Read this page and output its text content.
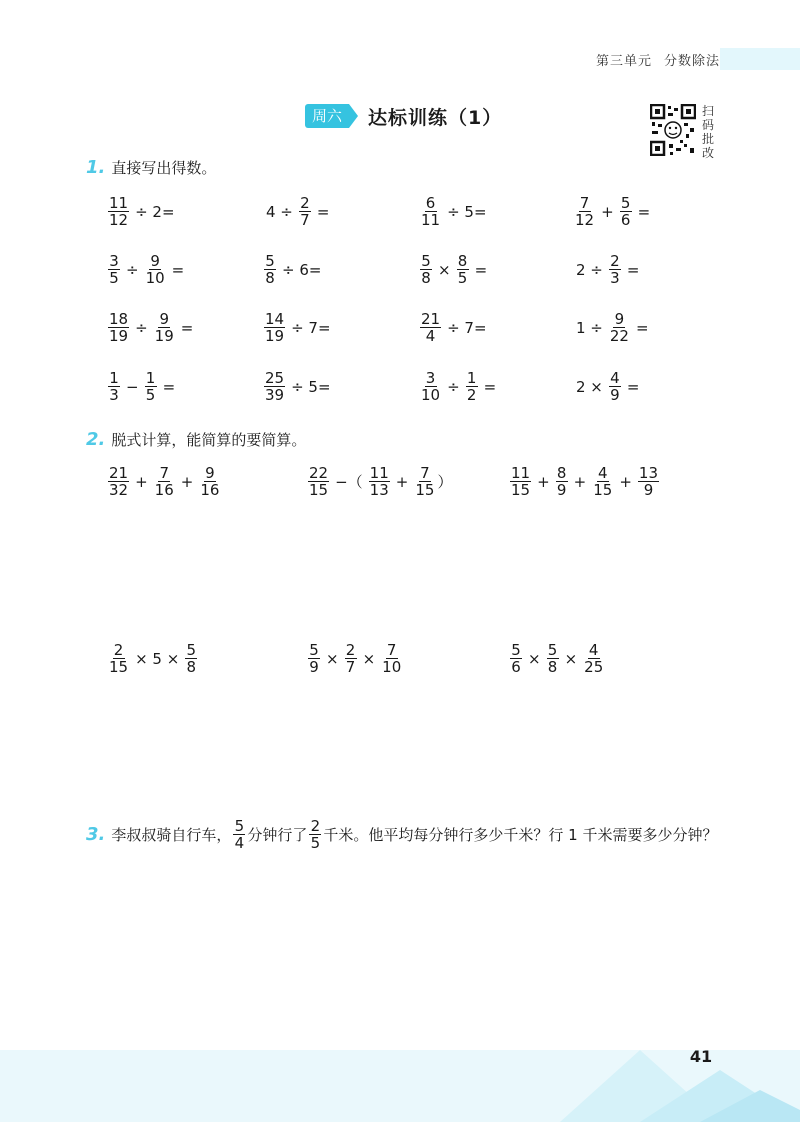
第三单元 分数除法
周六	达标训练（1）	扫
码
批
改
1. 直接写出得数。
$\frac{11}{12} \div 2=$	$4 \div \frac{2}{7}$ =	$\frac{6}{11} \div 5=$	$\frac{7}{12} + \frac{5}{6}$ =
$\frac{3}{5} \div \frac{9}{10}$ =	$\frac{5}{8} \div 6=$	$\frac{5}{8} \times \frac{8}{5}$ =	$2 \div \frac{2}{3}$ =
$\frac{18}{19} \div \frac{9}{19}$ =	$\frac{14}{19} \div 7=$	$\frac{21}{4} \div 7=$	$1 \div \frac{9}{22}$ =
$\frac{1}{3} - \frac{1}{5}$ =	$\frac{25}{39} \div 5=$	$\frac{3}{10} \div \frac{1}{2}$ =	$2 \times \frac{4}{9}$ =
2. 脱式计算，能简算的要简算。
$\frac{21}{32} + \frac{7}{16} + \frac{9}{16}$	$\frac{22}{15}$ −（ $\frac{11}{13} + \frac{7}{15}$ ）	$\frac{11}{15} + \frac{8}{9} + \frac{4}{15} + \frac{13}{9}$
$\frac{2}{15} \times 5 \times \frac{5}{8}$	$\frac{5}{9} \times \frac{2}{7} \times \frac{7}{10}$	$\frac{5}{6} \times \frac{5}{8} \times \frac{4}{25}$
3. 李叔叔骑自行车， $\frac{5}{4}$ 分钟行了 $\frac{2}{5}$ 千米。他平均每分钟行多少千米？行 1 千米需要多少分钟？
41
